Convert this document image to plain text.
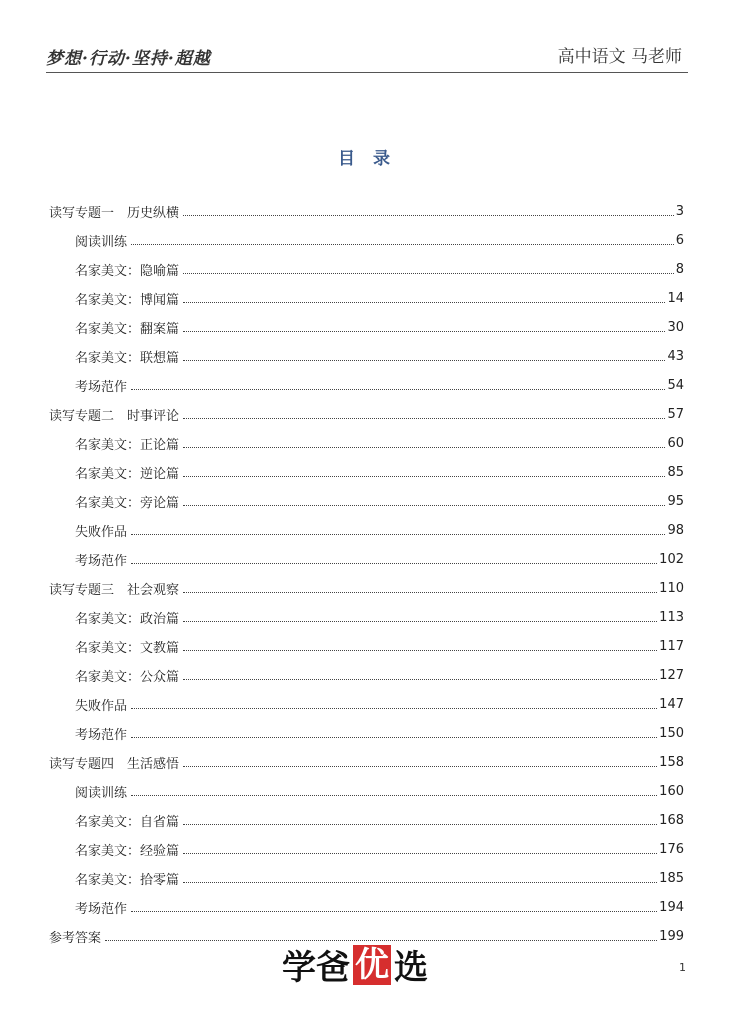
梦想·行动·坚持·超越	高中语文 马老师
目 录
读写专题一　历史纵横	3
阅读训练	6
名家美文：隐喻篇	8
名家美文：博闻篇	14
名家美文：翻案篇	30
名家美文：联想篇	43
考场范作	54
读写专题二　时事评论	57
名家美文：正论篇	60
名家美文：逆论篇	85
名家美文：旁论篇	95
失败作品	98
考场范作	102
读写专题三　社会观察	110
名家美文：政治篇	113
名家美文：文教篇	117
名家美文：公众篇	127
失败作品	147
考场范作	150
读写专题四　生活感悟	158
阅读训练	160
名家美文：自省篇	168
名家美文：经验篇	176
名家美文：拾零篇	185
考场范作	194
参考答案	199
学爸 优 选	1
